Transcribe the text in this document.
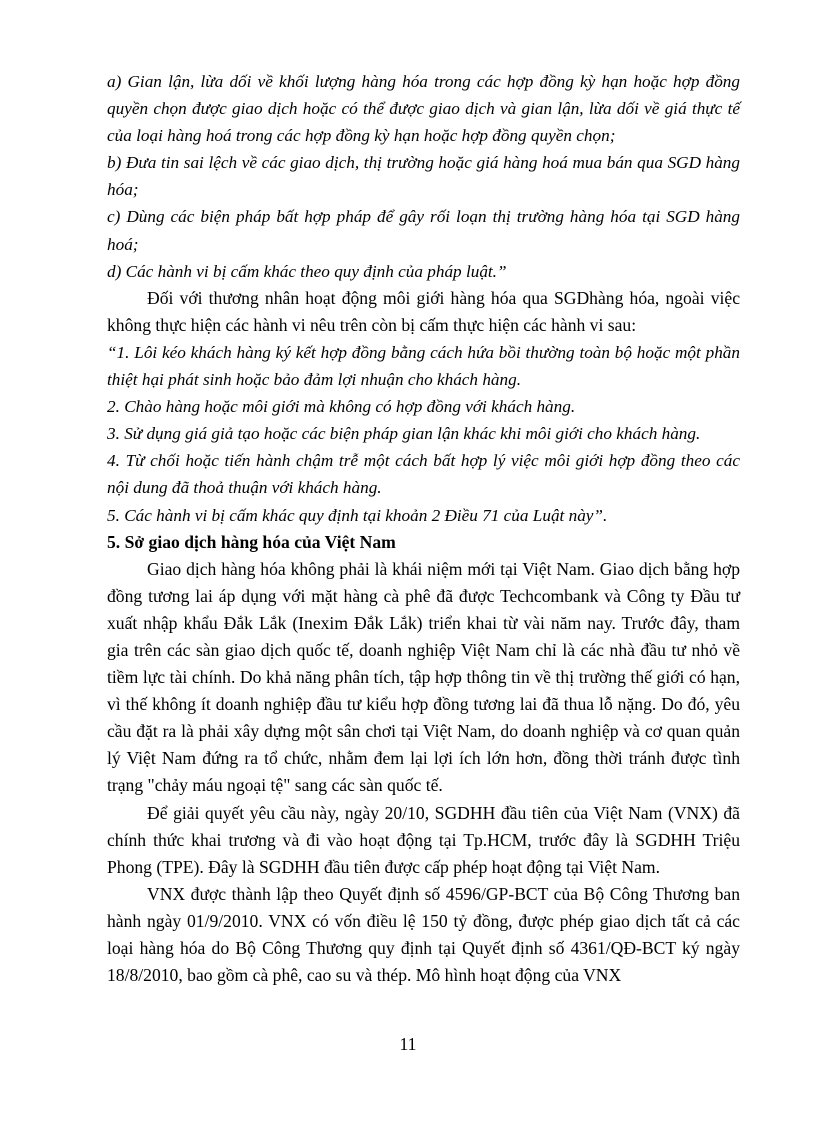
a) Gian lận, lừa dối về khối lượng hàng hóa trong các hợp đồng kỳ hạn hoặc hợp đồng quyền chọn được giao dịch hoặc có thể được giao dịch và gian lận, lừa dối về giá thực tế của loại hàng hoá trong các hợp đồng kỳ hạn hoặc hợp đồng quyền chọn;

b) Đưa tin sai lệch về các giao dịch, thị trường hoặc giá hàng hoá mua bán qua SGD hàng hóa;

c) Dùng các biện pháp bất hợp pháp để gây rối loạn thị trường hàng hóa tại SGD hàng hoá;

d) Các hành vi bị cấm khác theo quy định của pháp luật.”

Đối với thương nhân hoạt động môi giới hàng hóa qua SGDhàng hóa, ngoài việc không thực hiện các hành vi nêu trên còn bị cấm thực hiện các hành vi sau:

“1. Lôi kéo khách hàng ký kết hợp đồng bằng cách hứa bồi thường toàn bộ hoặc một phần thiệt hại phát sinh hoặc bảo đảm lợi nhuận cho khách hàng.

2. Chào hàng hoặc môi giới mà không có hợp đồng với khách hàng.

3. Sử dụng giá giả tạo hoặc các biện pháp gian lận khác khi môi giới cho khách hàng.

4. Từ chối hoặc tiến hành chậm trễ một cách bất hợp lý việc môi giới hợp đồng theo các nội dung đã thoả thuận với khách hàng.

5. Các hành vi bị cấm khác quy định tại khoản 2 Điều 71 của Luật này”.

5. Sở giao dịch hàng hóa của Việt Nam

Giao dịch hàng hóa không phải là khái niệm mới tại Việt Nam. Giao dịch bằng hợp đồng tương lai áp dụng với mặt hàng cà phê đã được Techcombank và Công ty Đầu tư xuất nhập khẩu Đắk Lắk (Inexim Đắk Lắk) triển khai từ vài năm nay. Trước đây, tham gia trên các sàn giao dịch quốc tế, doanh nghiệp Việt Nam chỉ là các nhà đầu tư nhỏ về tiềm lực tài chính. Do khả năng phân tích, tập hợp thông tin về thị trường thế giới có hạn, vì thế không ít doanh nghiệp đầu tư kiểu hợp đồng tương lai đã thua lỗ nặng. Do đó, yêu cầu đặt ra là phải xây dựng một sân chơi tại Việt Nam, do doanh nghiệp và cơ quan quản lý Việt Nam đứng ra tổ chức, nhằm đem lại lợi ích lớn hơn, đồng thời tránh được tình trạng "chảy máu ngoại tệ" sang các sàn quốc tế.

Để giải quyết yêu cầu này, ngày 20/10, SGDHH đầu tiên của Việt Nam (VNX) đã chính thức khai trương và đi vào hoạt động tại Tp.HCM, trước đây là SGDHH Triệu Phong (TPE). Đây là SGDHH đầu tiên được cấp phép hoạt động tại Việt Nam.

VNX được thành lập theo Quyết định số 4596/GP-BCT của Bộ Công Thương ban hành ngày 01/9/2010. VNX có vốn điều lệ 150 tỷ đồng, được phép giao dịch tất cả các loại hàng hóa do Bộ Công Thương quy định tại Quyết định số 4361/QĐ-BCT ký ngày 18/8/2010, bao gồm cà phê, cao su và thép. Mô hình hoạt động của VNX

11
